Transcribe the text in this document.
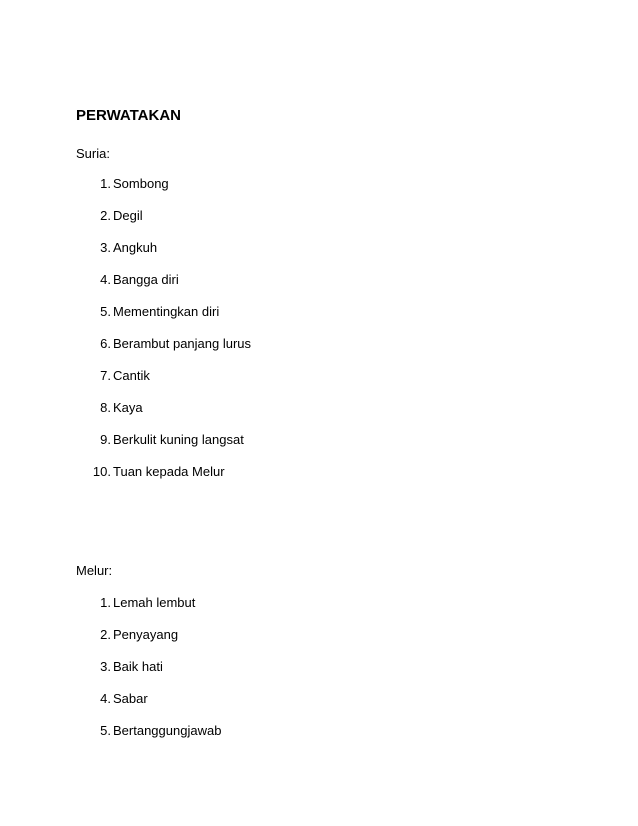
PERWATAKAN
Suria:
1. Sombong
2. Degil
3. Angkuh
4. Bangga diri
5. Mementingkan diri
6. Berambut panjang lurus
7. Cantik
8. Kaya
9. Berkulit kuning langsat
10. Tuan kepada Melur
Melur:
1. Lemah lembut
2. Penyayang
3. Baik hati
4. Sabar
5. Bertanggungjawab
